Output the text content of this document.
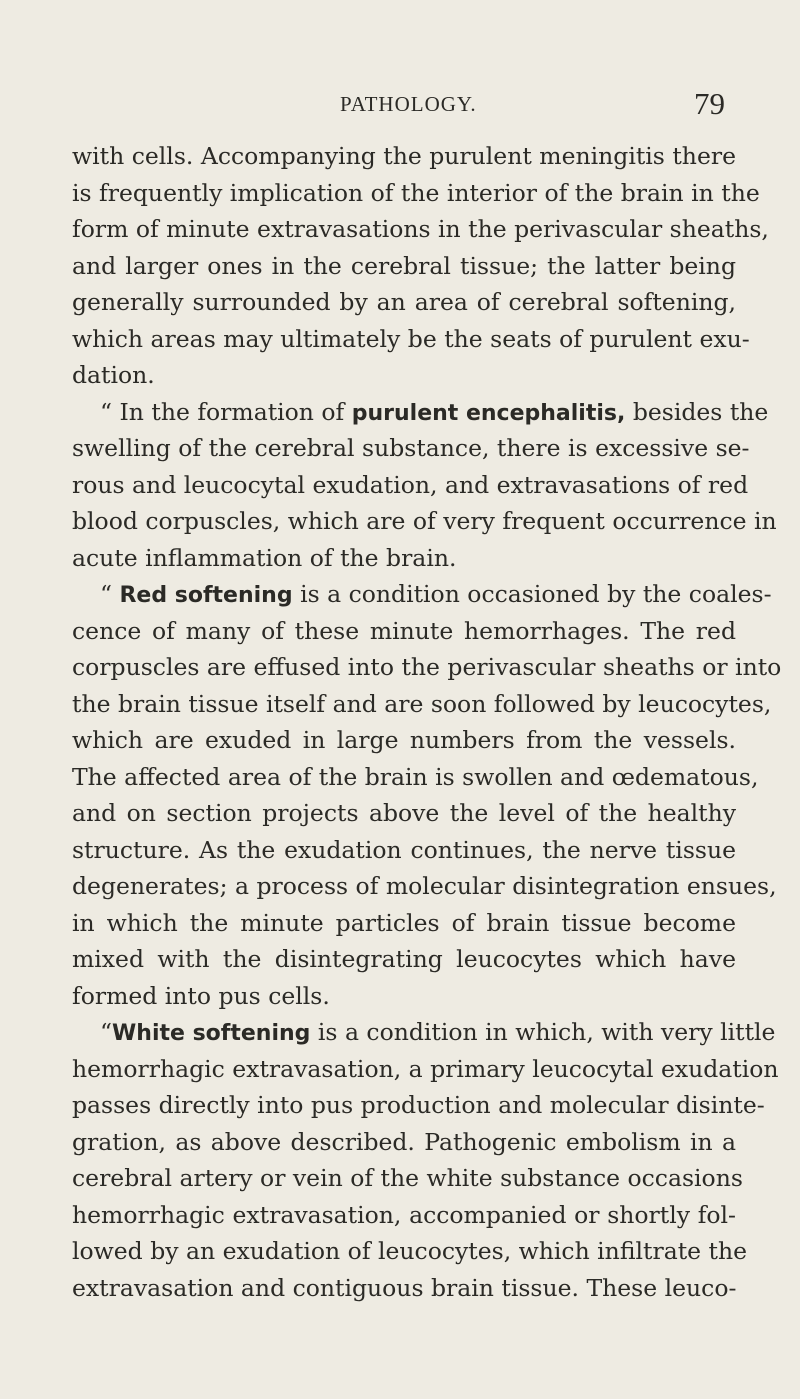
PATHOLOGY.	79
with cells. Accompanying the purulent meningitis there
is frequently implication of the interior of the brain in the
form of minute extravasations in the perivascular sheaths,
and larger ones in the cerebral tissue; the latter being
generally surrounded by an area of cerebral softening,
which areas may ultimately be the seats of purulent exu-
dation.
“ In the formation of purulent encephalitis, besides the
swelling of the cerebral substance, there is excessive se-
rous and leucocytal exudation, and extravasations of red
blood corpuscles, which are of very frequent occurrence in
acute inflammation of the brain.
“ Red softening is a condition occasioned by the coales-
cence of many of these minute hemorrhages. The red
corpuscles are effused into the perivascular sheaths or into
the brain tissue itself and are soon followed by leucocytes,
which are exuded in large numbers from the vessels.
The affected area of the brain is swollen and œdematous,
and on section projects above the level of the healthy
structure. As the exudation continues, the nerve tissue
degenerates; a process of molecular disintegration ensues,
in which the minute particles of brain tissue become
mixed with the disintegrating leucocytes which have
formed into pus cells.
“White softening is a condition in which, with very little
hemorrhagic extravasation, a primary leucocytal exudation
passes directly into pus production and molecular disinte-
gration, as above described. Pathogenic embolism in a
cerebral artery or vein of the white substance occasions
hemorrhagic extravasation, accompanied or shortly fol-
lowed by an exudation of leucocytes, which infiltrate the
extravasation and contiguous brain tissue. These leuco-
